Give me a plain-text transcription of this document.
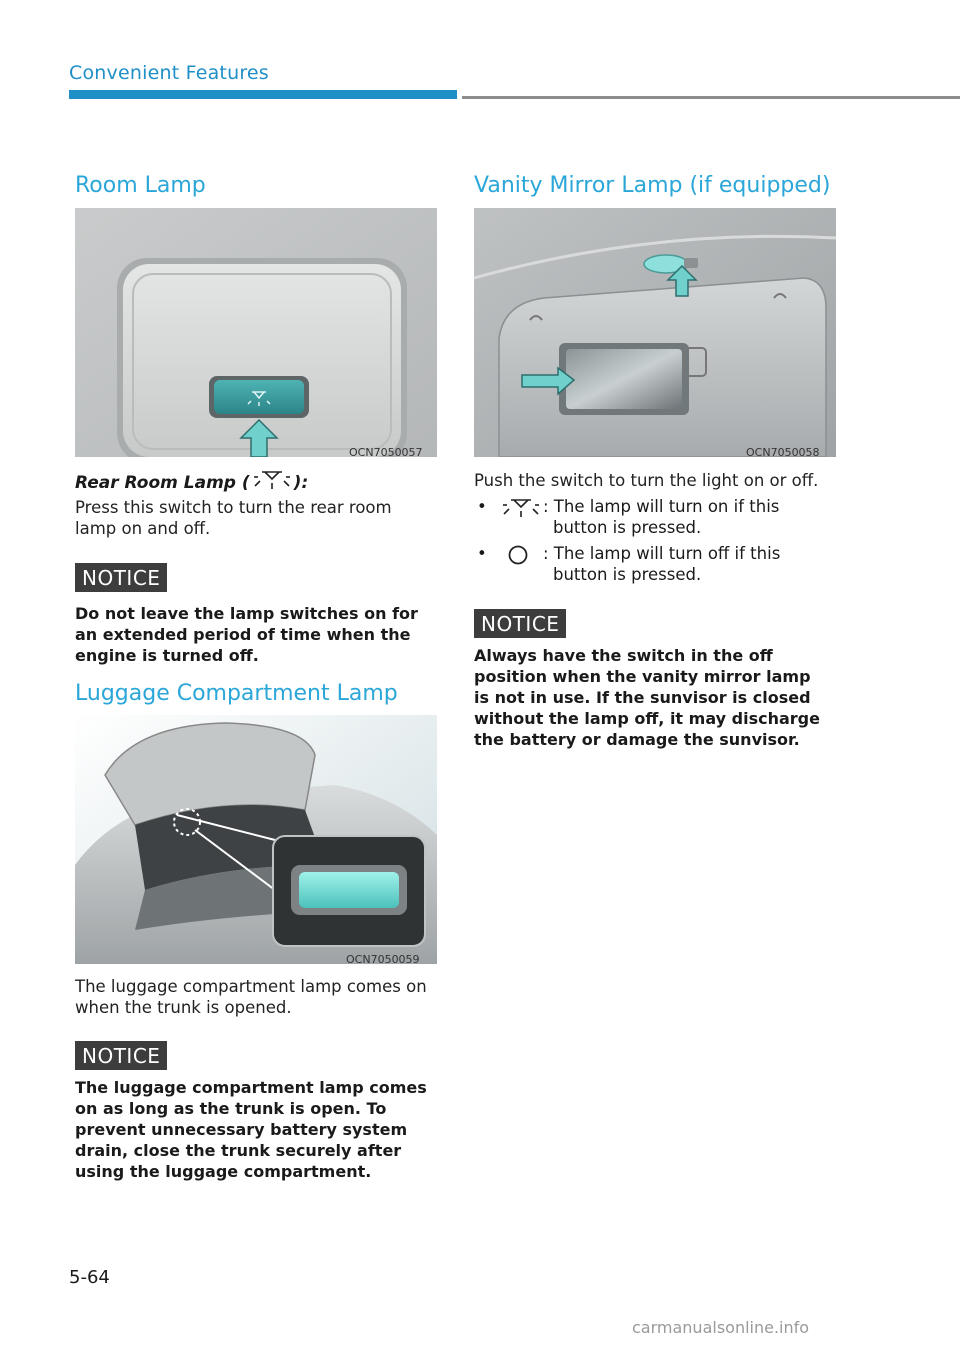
Convenient Features
Room Lamp
OCN7050057
Rear Room Lamp (	):

Press this switch to turn the rear room lamp on and off.

NOTICE

Do not leave the lamp switches on for an extended period of time when the engine is turned off.

Luggage Compartment Lamp
OCN7050059

The luggage compartment lamp comes on when the trunk is opened.

NOTICE

The luggage compartment lamp comes on as long as the trunk is open. To prevent unnecessary battery system drain, close the trunk securely after using the luggage compartment.

Vanity Mirror Lamp (if equipped)
OCN7050058

Push the switch to turn the light on or off.

•	: The lamp will turn on if this
button is pressed.
•	: The lamp will turn off if this
button is pressed.
NOTICE

Always have the switch in the off position when the vanity mirror lamp is not in use. If the sunvisor is closed without the lamp off, it may discharge the battery or damage the sunvisor.

5-64
carmanualsonline.info
